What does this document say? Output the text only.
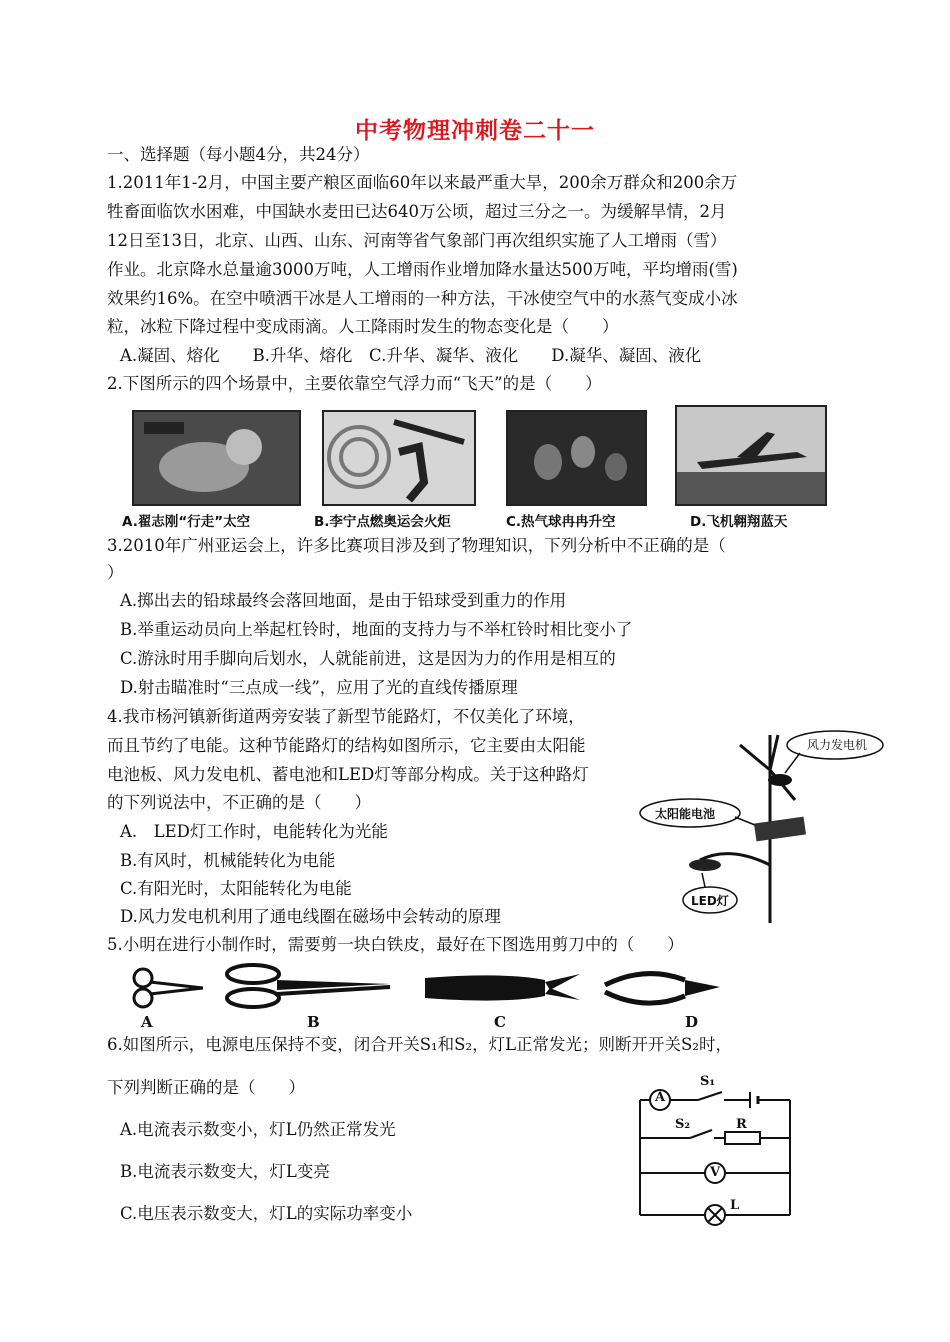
中考物理冲刺卷二十一
一、选择题（每小题4分，共24分）
1.2011年1-2月，中国主要产粮区面临60年以来最严重大旱，200余万群众和200余万
牲畜面临饮水困难，中国缺水麦田已达640万公顷，超过三分之一。为缓解旱情，2月
12日至13日，北京、山西、山东、河南等省气象部门再次组织实施了人工增雨（雪）
作业。北京降水总量逾3000万吨，人工增雨作业增加降水量达500万吨，平均增雨(雪)
效果约16%。在空中喷洒干冰是人工增雨的一种方法，干冰使空气中的水蒸气变成小冰
粒，冰粒下降过程中变成雨滴。人工降雨时发生的物态变化是（　　）
A.凝固、熔化　　B.升华、熔化　C.升华、凝华、液化　　D.凝华、凝固、液化
2.下图所示的四个场景中，主要依靠空气浮力而“飞天”的是（　　）
A.翟志刚“行走”太空	B.李宁点燃奥运会火炬	C.热气球冉冉升空	D.飞机翱翔蓝天
3.2010年广州亚运会上，许多比赛项目涉及到了物理知识，下列分析中不正确的是（
）
A.掷出去的铅球最终会落回地面，是由于铅球受到重力的作用
B.举重运动员向上举起杠铃时，地面的支持力与不举杠铃时相比变小了
C.游泳时用手脚向后划水，人就能前进，这是因为力的作用是相互的
D.射击瞄准时“三点成一线”，应用了光的直线传播原理
4.我市杨河镇新街道两旁安装了新型节能路灯，不仅美化了环境，
而且节约了电能。这种节能路灯的结构如图所示，它主要由太阳能
电池板、风力发电机、蓄电池和LED灯等部分构成。关于这种路灯
的下列说法中，不正确的是（　　）
A.　LED灯工作时，电能转化为光能
B.有风时，机械能转化为电能
C.有阳光时，太阳能转化为电能
D.风力发电机利用了通电线圈在磁场中会转动的原理
风力发电机
太阳能电池
LED灯
5.小明在进行小制作时，需要剪一块白铁皮，最好在下图选用剪刀中的（　　）
A	B	C	D
6.如图所示，电源电压保持不变，闭合开关S₁和S₂，灯L正常发光；则断开开关S₂时，
下列判断正确的是（　　）
A.电流表示数变小，灯L仍然正常发光
B.电流表示数变大，灯L变亮
C.电压表示数变大，灯L的实际功率变小
A
S₁
S₂	R
V
L
